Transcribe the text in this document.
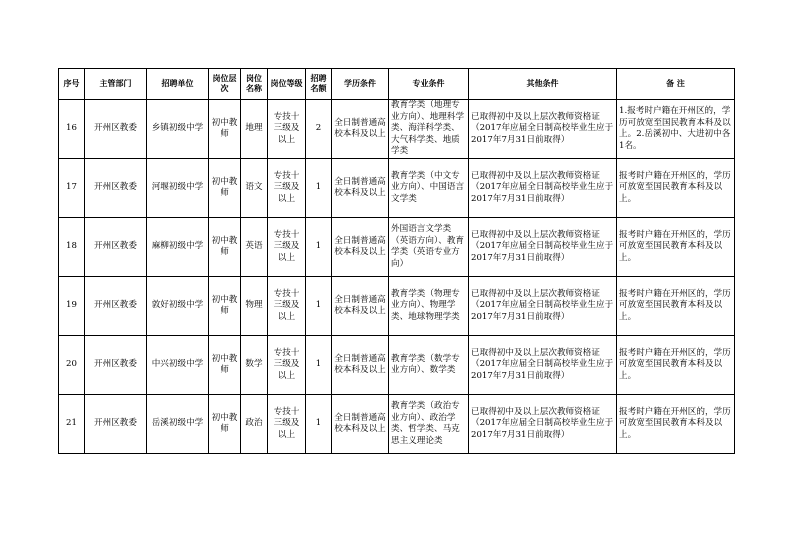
序号	主管部门	招聘单位	岗位层次	岗位名称	岗位等级	招聘名额	学历条件	专业条件	其他条件	备 注
16	开州区教委	乡镇初级中学	初中教师	地理	专技十三级及以上	2	全日制普通高校本科及以上	教育学类（地理专业方向）、地理科学类、海洋科学类、大气科学类、地质学类	已取得初中及以上层次教师资格证（2017年应届全日制高校毕业生应于2017年7月31日前取得）	1.报考时户籍在开州区的，学历可放宽至国民教育本科及以上。2.岳溪初中、大进初中各1名。
17	开州区教委	河堰初级中学	初中教师	语文	专技十三级及以上	1	全日制普通高校本科及以上	教育学类（中文专业方向）、中国语言文学类	已取得初中及以上层次教师资格证（2017年应届全日制高校毕业生应于2017年7月31日前取得）	报考时户籍在开州区的，学历可放宽至国民教育本科及以上。
18	开州区教委	麻柳初级中学	初中教师	英语	专技十三级及以上	1	全日制普通高校本科及以上	外国语言文学类（英语方向）、教育学类（英语专业方向）	已取得初中及以上层次教师资格证（2017年应届全日制高校毕业生应于2017年7月31日前取得）	报考时户籍在开州区的，学历可放宽至国民教育本科及以上。
19	开州区教委	敦好初级中学	初中教师	物理	专技十三级及以上	1	全日制普通高校本科及以上	教育学类（物理专业方向）、物理学类、地球物理学类	已取得初中及以上层次教师资格证（2017年应届全日制高校毕业生应于2017年7月31日前取得）	报考时户籍在开州区的，学历可放宽至国民教育本科及以上。
20	开州区教委	中兴初级中学	初中教师	数学	专技十三级及以上	1	全日制普通高校本科及以上	教育学类（数学专业方向）、数学类	已取得初中及以上层次教师资格证（2017年应届全日制高校毕业生应于2017年7月31日前取得）	报考时户籍在开州区的，学历可放宽至国民教育本科及以上。
21	开州区教委	岳溪初级中学	初中教师	政治	专技十三级及以上	1	全日制普通高校本科及以上	教育学类（政治专业方向）、政治学类、哲学类、马克思主义理论类	已取得初中及以上层次教师资格证（2017年应届全日制高校毕业生应于2017年7月31日前取得）	报考时户籍在开州区的，学历可放宽至国民教育本科及以上。
